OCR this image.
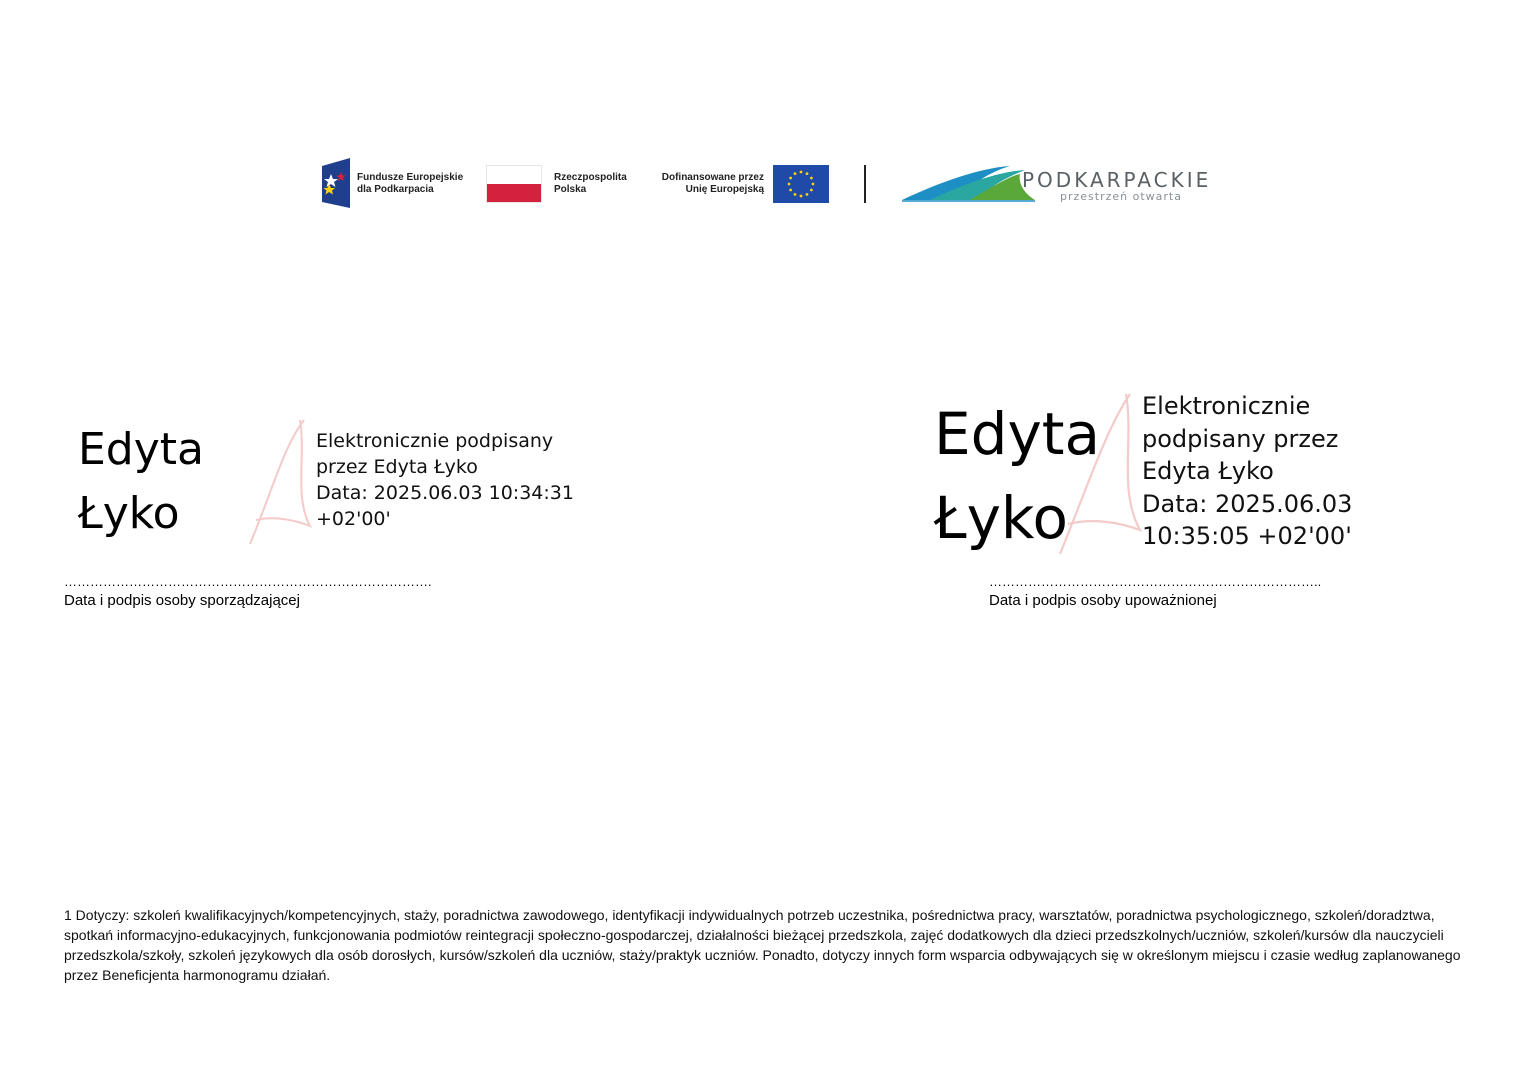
Fundusze Europejskie
dla Podkarpacia
Rzeczpospolita
Polska
Dofinansowane przez
Unię Europejską	PODKARPACKIE
przestrzeń otwarta
Edyta
Łyko
Elektronicznie podpisany
przez Edyta Łyko
Data: 2025.06.03 10:34:31
+02'00'
………………………………………………………………………….
Data i podpis osoby sporządzającej
Edyta
Łyko
Elektronicznie
podpisany przez
Edyta Łyko
Data: 2025.06.03
10:35:05 +02'00'
…………………………………………………………………..
Data i podpis osoby upoważnionej
1 Dotyczy: szkoleń kwalifikacyjnych/kompetencyjnych, staży, poradnictwa zawodowego, identyfikacji indywidualnych potrzeb uczestnika, pośrednictwa pracy, warsztatów, poradnictwa psychologicznego, szkoleń/doradztwa, spotkań informacyjno-edukacyjnych, funkcjonowania podmiotów reintegracji społeczno-gospodarczej, działalności bieżącej przedszkola, zajęć dodatkowych dla dzieci przedszkolnych/uczniów, szkoleń/kursów dla nauczycieli przedszkola/szkoły, szkoleń językowych dla osób dorosłych, kursów/szkoleń dla uczniów, staży/praktyk uczniów. Ponadto, dotyczy innych form wsparcia odbywających się w określonym miejscu i czasie według zaplanowanego przez Beneficjenta harmonogramu działań.
